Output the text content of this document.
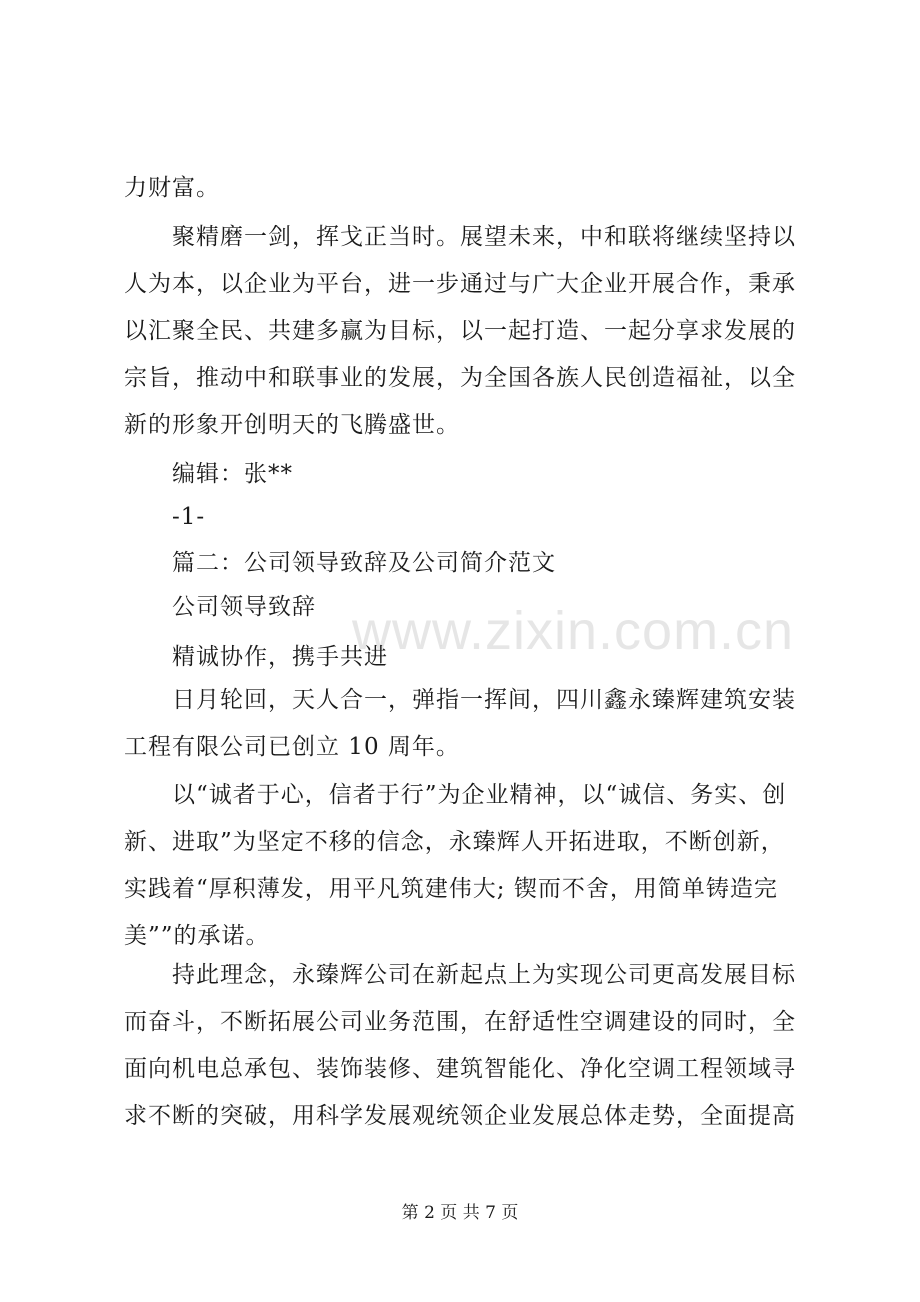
www.zixin.com.cn

力财富。

聚精磨一剑，挥戈正当时。展望未来，中和联将继续坚持以人为本，以企业为平台，进一步通过与广大企业开展合作，秉承以汇聚全民、共建多赢为目标，以一起打造、一起分享求发展的宗旨，推动中和联事业的发展，为全国各族人民创造福祉，以全新的形象开创明天的飞腾盛世。

编辑：张**

-1-

篇二：公司领导致辞及公司简介范文

公司领导致辞

精诚协作，携手共进

日月轮回，天人合一，弹指一挥间，四川鑫永臻辉建筑安装工程有限公司已创立 10 周年。

以“诚者于心，信者于行”为企业精神，以“诚信、务实、创新、进取”为坚定不移的信念，永臻辉人开拓进取，不断创新，实践着“厚积薄发，用平凡筑建伟大; 锲而不舍，用简单铸造完美””的承诺。

持此理念，永臻辉公司在新起点上为实现公司更高发展目标而奋斗，不断拓展公司业务范围，在舒适性空调建设的同时，全面向机电总承包、装饰装修、建筑智能化、净化空调工程领域寻求不断的突破，用科学发展观统领企业发展总体走势，全面提高

第 2 页 共 7 页
